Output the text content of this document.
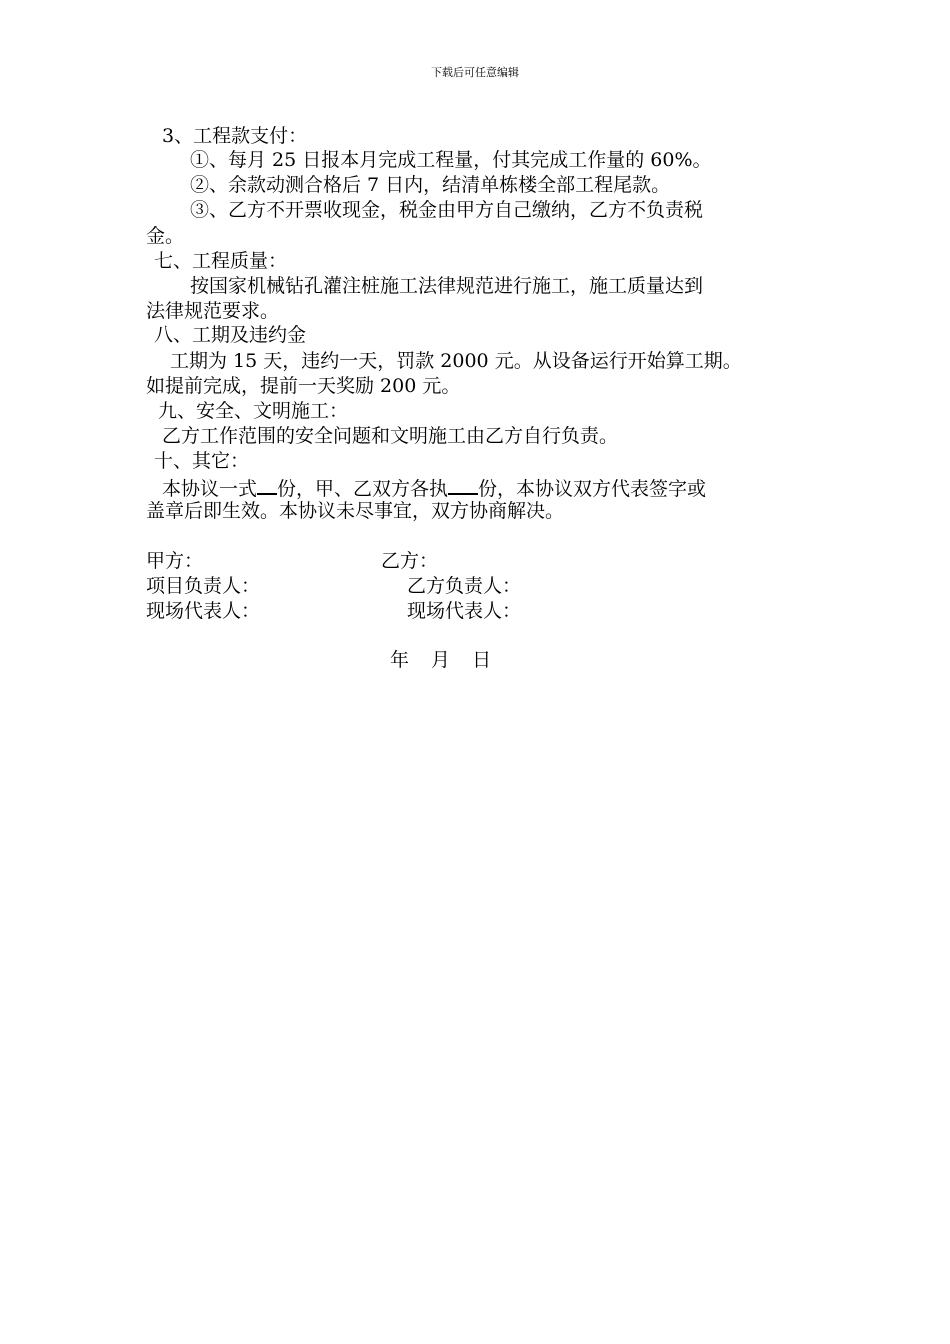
下载后可任意编辑
3、工程款支付：
①、每月 25 日报本月完成工程量，付其完成工作量的 60%。
②、余款动测合格后 7 日内，结清单栋楼全部工程尾款。
③、乙方不开票收现金，税金由甲方自己缴纳，乙方不负责税
金。
七、工程质量：
按国家机械钻孔灌注桩施工法律规范进行施工，施工质量达到
法律规范要求。
八、工期及违约金
工期为 15 天，违约一天，罚款 2000 元。从设备运行开始算工期。
如提前完成，提前一天奖励 200 元。
九、安全、文明施工：
乙方工作范围的安全问题和文明施工由乙方自行负责。
十、其它：
本协议一式 份，甲、乙双方各执 份，本协议双方代表签字或
盖章后即生效。本协议未尽事宜，双方协商解决。
甲方：	乙方：
项目负责人：	乙方负责人：
现场代表人：	现场代表人：
年 月 日
